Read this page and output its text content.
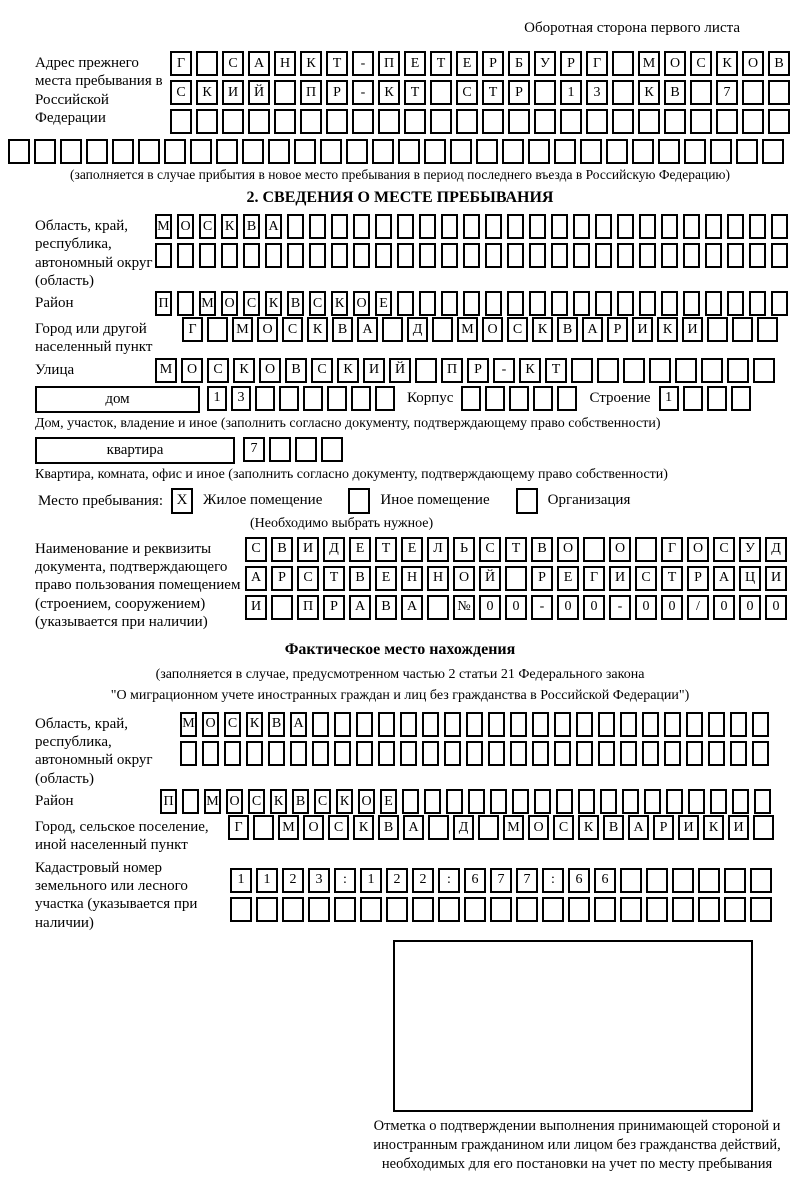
Оборотная сторона первого листа
Адрес прежнего места пребывания в Российской Федерации
Г	С	А	Н	К	Т	-	П	Е	Т	Е	Р	Б	У	Р	Г	М	О	С	К	О	В
С	К	И	Й	П	Р	-	К	Т	С	Т	Р	1	3	К	В	7
(заполняется в случае прибытия в новое место пребывания в период последнего въезда в Российскую Федерацию)
2. СВЕДЕНИЯ О МЕСТЕ ПРЕБЫВАНИЯ
Область, край, республика, автономный округ (область)
М О С К В А
Район	П М О С К В С К О Е
Город или другой населенный пункт
Г	М О	С	К	В	А	Д	М О	С	К	В	А	Р	И	К	И
Улица	М	О	С	К	О	В	С	К	И	Й	П	Р	-	К	Т
дом	1	3	Корпус	Строение	1
Дом, участок, владение и иное (заполнить согласно документу, подтверждающему право собственности)
квартира	7
Квартира, комната, офис и иное (заполнить согласно документу, подтверждающему право собственности)
Место пребывания: X	Жилое помещение	Иное помещение	Организация
(Необходимо выбрать нужное)
Наименование и реквизиты документа, подтверждающего право пользования помещением (строением, сооружением) (указывается при наличии)
С	В	И	Д	Е	Т	Е	Л	Ь	С	Т	В	О	О	Г	О	С	У	Д
А	Р	С	Т	В	Е	Н	Н	О	Й	Р	Е	Г	И	С	Т	Р	А	Ц	И
И	П	Р	А	В	А	№	0	0	-	0	0	-	0	0	/	0	0	0
Фактическое место нахождения
(заполняется в случае, предусмотренном частью 2 статьи 21 Федерального закона
"О миграционном учете иностранных граждан и лиц без гражданства в Российской Федерации")
Область, край, республика, автономный округ (область)
М О С К В А
Район	П М О С К В С К О Е
Город, сельское поселение, иной населенный пункт
Г	М О	С	К	В	А	Д	М О	С	К	В	А	Р	И	К	И
Кадастровый номер земельного или лесного участка (указывается при наличии)
1	1	2	3	:	1	2	2	:	6	7	7	:	6	6
Отметка о подтверждении выполнения принимающей стороной и иностранным гражданином или лицом без гражданства действий, необходимых для его постановки на учет по месту пребывания
